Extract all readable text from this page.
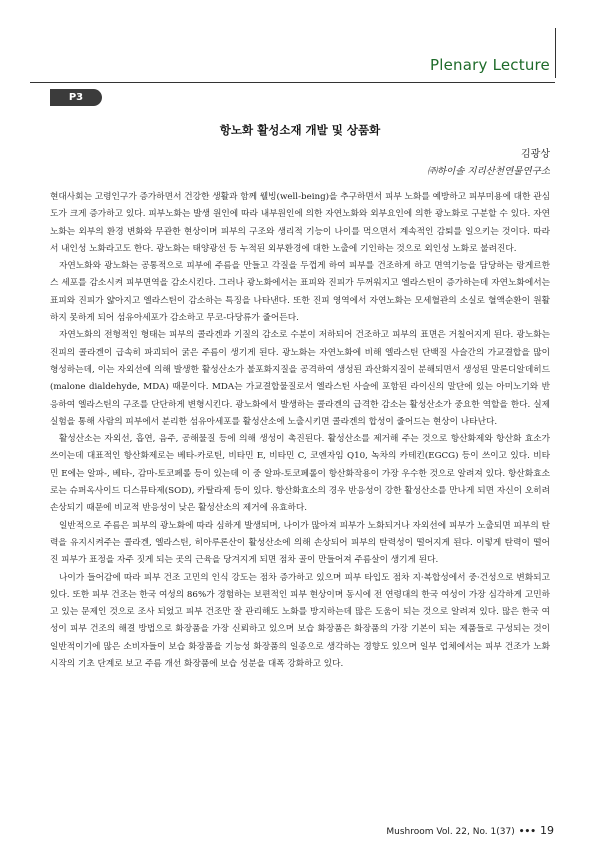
Plenary Lecture
P3
항노화 활성소재 개발 및 상품화
김광상
㈜하이솔 지리산천연물연구소

현대사회는 고령인구가 증가하면서 건강한 생활과 함께 웰빙(well-being)을 추구하면서 피부 노화를 예방하고 피부미용에 대한 관심도가 크게 증가하고 있다. 피부노화는 발생 원인에 따라 내부원인에 의한 자연노화와 외부요인에 의한 광노화로 구분할 수 있다. 자연노화는 외부의 환경 변화와 무관한 현상이며 피부의 구조와 생리적 기능이 나이를 먹으면서 계속적인 감퇴를 일으키는 것이다. 따라서 내인성 노화라고도 한다. 광노화는 태양광선 등 누적된 외부환경에 대한 노출에 기인하는 것으로 외인성 노화로 불려진다.

자연노화와 광노화는 공통적으로 피부에 주름을 만들고 각질을 두껍게 하여 피부를 건조하게 하고 면역기능을 담당하는 랑게르한스 세포를 감소시켜 피부면역을 감소시킨다. 그러나 광노화에서는 표피와 진피가 두꺼워지고 엘라스틴이 증가하는데 자연노화에서는 표피와 진피가 얇아지고 엘라스틴이 감소하는 특징을 나타낸다. 또한 진피 영역에서 자연노화는 모세혈관의 소실로 혈액순환이 원활하지 못하게 되어 섬유아세포가 감소하고 무코-다당류가 줄어든다.

자연노화의 전형적인 형태는 피부의 콜라겐과 기질의 감소로 수분이 저하되어 건조하고 피부의 표면은 거칠어지게 된다. 광노화는 진피의 콜라겐이 급속히 파괴되어 굵은 주름이 생기게 된다. 광노화는 자연노화에 비해 엘라스틴 단백질 사슬간의 가교결합을 많이 형성하는데, 이는 자외선에 의해 발생한 활성산소가 불포화지질을 공격하여 생성된 과산화지질이 분해되면서 생성된 말론디알데히드(malone dialdehyde, MDA) 때문이다. MDA는 가교결합물질로서 엘라스틴 사슬에 포함된 라이신의 말단에 있는 아미노기와 반응하여 엘라스틴의 구조를 단단하게 변형시킨다. 광노화에서 발생하는 콜라겐의 급격한 감소는 활성산소가 중요한 역할을 한다. 실제 실험을 통해 사람의 피부에서 분리한 섬유아세포를 활성산소에 노출시키면 콜라겐의 합성이 줄어드는 현상이 나타난다.

활성산소는 자외선, 흡연, 음주, 공해물질 등에 의해 생성이 촉진된다. 활성산소를 제거해 주는 것으로 항산화제와 항산화 효소가 쓰이는데 대표적인 항산화제로는 베타-카로틴, 비타민 E, 비타민 C, 코엔자임 Q10, 녹차의 카테킨(EGCG) 등이 쓰이고 있다. 비타민 E에는 알파-, 베타-, 감마-토코페롤 등이 있는데 이 중 알파-토코페롤이 항산화작용이 가장 우수한 것으로 알려져 있다. 항산화효소로는 슈퍼옥사이드 디스뮤타제(SOD), 카탈라제 등이 있다. 항산화효소의 경우 반응성이 강한 활성산소를 만나게 되면 자신이 오히려 손상되기 때문에 비교적 반응성이 낮은 활성산소의 제거에 유효하다.

일반적으로 주름은 피부의 광노화에 따라 심하게 발생되며, 나이가 많아져 피부가 노화되거나 자외선에 피부가 노출되면 피부의 탄력을 유지시켜주는 콜라겐, 엘라스틴, 히아루론산이 활성산소에 의해 손상되어 피부의 탄력성이 떨어지게 된다. 이렇게 탄력이 떨어진 피부가 표정을 자주 짓게 되는 곳의 근육을 당겨지게 되면 점차 골이 만들어져 주름살이 생기게 된다.

나이가 들어감에 따라 피부 건조 고민의 인식 강도는 점차 증가하고 있으며 피부 타입도 점차 지·복합성에서 중·건성으로 변화되고 있다. 또한 피부 건조는 한국 여성의 86%가 경험하는 보편적인 피부 현상이며 동시에 전 연령대의 한국 여성이 가장 심각하게 고민하고 있는 문제인 것으로 조사 되었고 피부 건조만 잘 관리해도 노화를 방지하는데 많은 도움이 되는 것으로 알려져 있다. 많은 한국 여성이 피부 건조의 해결 방법으로 화장품을 가장 신뢰하고 있으며 보습 화장품은 화장품의 가장 기본이 되는 제품들로 구성되는 것이 일반적이기에 많은 소비자들이 보습 화장품을 기능성 화장품의 일종으로 생각하는 경향도 있으며 일부 업체에서는 피부 건조가 노화 시작의 기초 단계로 보고 주름 개선 화장품에 보습 성분을 대폭 강화하고 있다.

Mushroom Vol. 22, No. 1(37) ••• 19
